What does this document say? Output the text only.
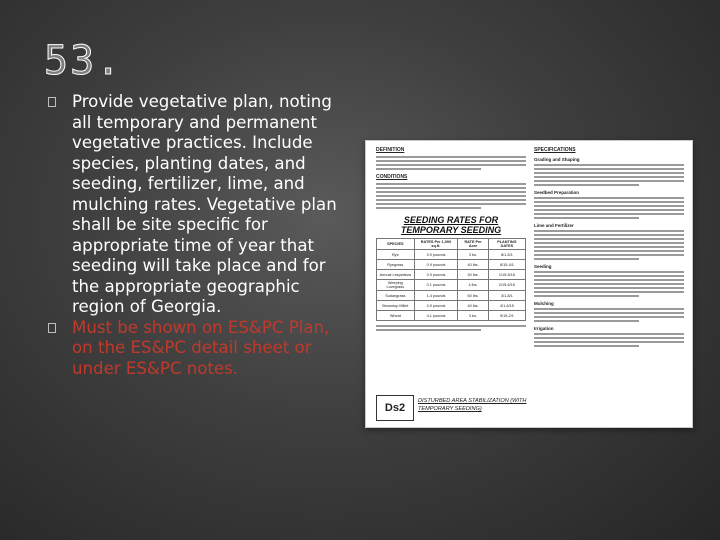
53.
Provide vegetative plan, noting all temporary and permanent vegetative practices. Include species, planting dates, and seeding, fertilizer, lime, and mulching rates. Vegetative plan shall be site specific for appropriate time of year that seeding will take place and for the appropriate geographic region of Georgia.
Must be shown on ES&PC Plan, on the ES&PC detail sheet or under ES&PC notes.
DEFINITION
CONDITIONS
SEEDING RATES FOR
TEMPORARY SEEDING
SPECIES	RATES Per 1,000 sq.ft.	RATE Per Acre	PLANTING DATES
Rye	3.9 pounds	3 bu.	8/1-5/1
Ryegrass	0.9 pounds	40 lbs.	8/15-4/1
Annual Lespedeza	0.9 pounds	40 lbs.	1/15-5/15
Weeping Lovegrass	0.1 pounds	4 lbs.	2/15-6/15
Sudangrass	1.4 pounds	60 lbs.	3/1-8/1
Browntop Millet	0.9 pounds	40 lbs.	4/1-6/15
Wheat	4.1 pounds	3 bu.	9/15-2/1
SPECIFICATIONS
Grading and Shaping
Seedbed Preparation
Lime and Fertilizer
Seeding
Mulching
Irrigation
Ds2
DISTURBED AREA STABILIZATION (WITH TEMPORARY SEEDING)
